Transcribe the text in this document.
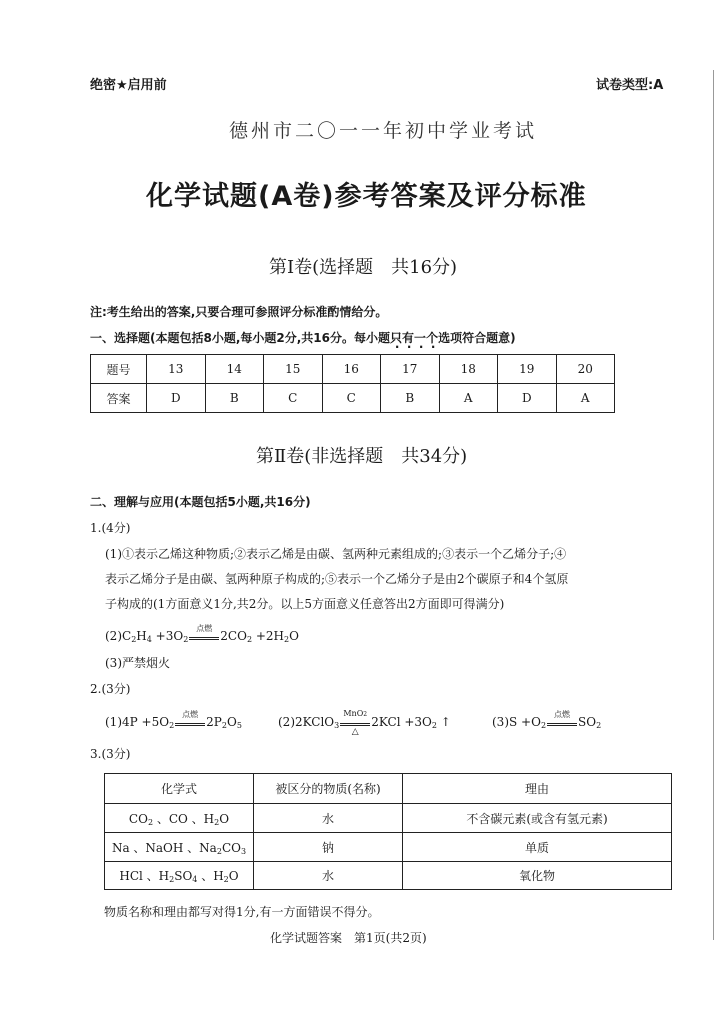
绝密★启用前	试卷类型:A
德州市二〇一一年初中学业考试
化学试题(A卷)参考答案及评分标准
第Ⅰ卷(选择题　共16分)
注:考生给出的答案,只要合理可参照评分标准酌情给分。
一、选择题(本题包括8小题,每小题2分,共16分。每小题只有一个选项符合题意)
题号	13	14	15	16	17	18	19	20
答案	D	B	C	C	B	A	D	A
第Ⅱ卷(非选择题　共34分)
二、理解与应用(本题包括5小题,共16分)
1.(4分)
(1)①表示乙烯这种物质;②表示乙烯是由碳、氢两种元素组成的;③表示一个乙烯分子;④
表示乙烯分子是由碳、氢两种原子构成的;⑤表示一个乙烯分子是由2个碳原子和4个氢原
子构成的(1方面意义1分,共2分。以上5方面意义任意答出2方面即可得满分)
$(2)C_2H_4 +3O_2$
点燃
$2CO_2 +2H_2O$
(3)严禁烟火
2.(3分)
$(1)4P +5O_2$
点燃
$2P_2O_5$	(2)2KClO$_3$
MnO2
△
$2KCl +3O_2$ ↑	$(3)S +O_2$
点燃
$SO_2$
3.(3分)
化学式	被区分的物质(名称)	理由
$CO_2$ 、CO 、$H_2O$	水	不含碳元素(或含有氢元素)
Na 、NaOH 、$Na_2CO_3$	钠	单质
HCl 、$H_2SO_4$ 、$H_2O$	水	氧化物
物质名称和理由都写对得1分,有一方面错误不得分。
化学试题答案　第1页(共2页)
